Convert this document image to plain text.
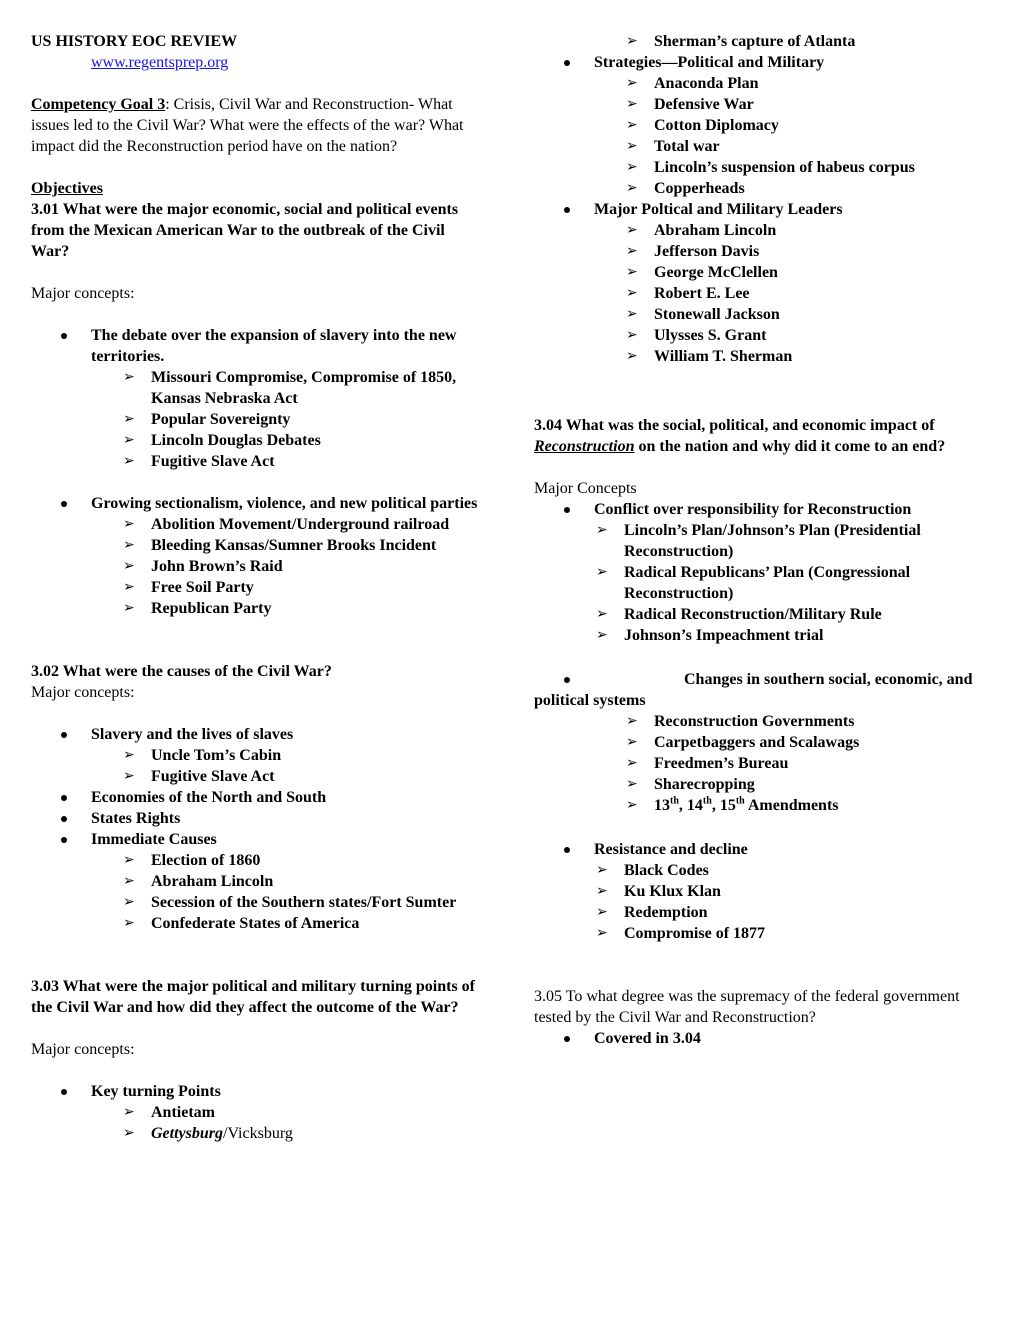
US HISTORY EOC REVIEW

www.regentsprep.org

Competency Goal 3: Crisis, Civil War and Reconstruction- What issues led to the Civil War? What were the effects of the war? What impact did the Reconstruction period have on the nation?

Objectives

3.01 What were the major economic, social and political events from the Mexican American War to the outbreak of the Civil War?

Major concepts:

The debate over the expansion of slavery into the new territories.

➢ Missouri Compromise, Compromise of 1850, Kansas Nebraska Act

➢ Popular Sovereignty

➢ Lincoln Douglas Debates

➢ Fugitive Slave Act

Growing sectionalism, violence, and new political parties

➢ Abolition Movement/Underground railroad

➢ Bleeding Kansas/Sumner Brooks Incident

➢ John Brown’s Raid

➢ Free Soil Party

➢ Republican Party

3.02 What were the causes of the Civil War?

Major concepts:

Slavery and the lives of slaves

➢ Uncle Tom’s Cabin

➢ Fugitive Slave Act

Economies of the North and South

States Rights

Immediate Causes

➢ Election of 1860

➢ Abraham Lincoln

➢ Secession of the Southern states/Fort Sumter

➢ Confederate States of America

3.03 What were the major political and military turning points of the Civil War and how did they affect the outcome of the War?

Major concepts:

Key turning Points

➢ Antietam

➢ Gettysburg/Vicksburg

➢ Sherman’s capture of Atlanta

Strategies—Political and Military

➢ Anaconda Plan

➢ Defensive War

➢ Cotton Diplomacy

➢ Total war

➢ Lincoln’s suspension of habeus corpus

➢ Copperheads

Major Poltical and Military Leaders

➢ Abraham Lincoln

➢ Jefferson Davis

➢ George McClellen

➢ Robert E. Lee

➢ Stonewall Jackson

➢ Ulysses S. Grant

➢ William T. Sherman

3.04 What was the social, political, and economic impact of Reconstruction on the nation and why did it come to an end?

Major Concepts

Conflict over responsibility for Reconstruction

➢ Lincoln’s Plan/Johnson’s Plan (Presidential Reconstruction)

➢ Radical Republicans’ Plan (Congressional Reconstruction)

➢ Radical Reconstruction/Military Rule

➢ Johnson’s Impeachment trial

Changes in southern social, economic, and political systems

➢ Reconstruction Governments

➢ Carpetbaggers and Scalawags

➢ Freedmen’s Bureau

➢ Sharecropping

➢ 13th, 14th, 15th Amendments

Resistance and decline

➢ Black Codes

➢ Ku Klux Klan

➢ Redemption

➢ Compromise of 1877

3.05 To what degree was the supremacy of the federal government tested by the Civil War and Reconstruction?

Covered in 3.04
